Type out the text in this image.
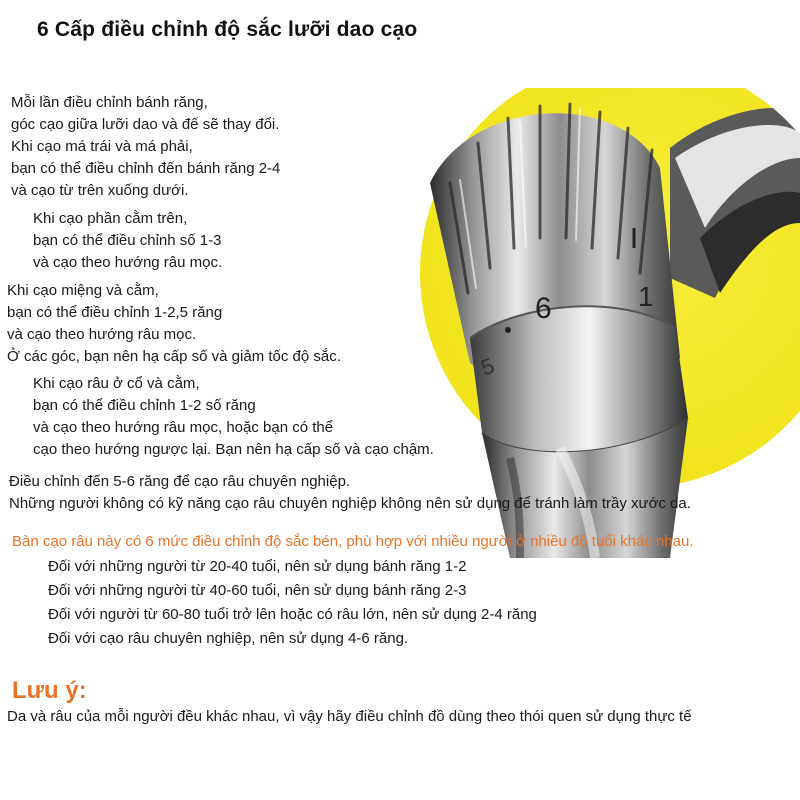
6	1
5
6 Cấp điều chỉnh độ sắc lưỡi dao cạo
Mỗi lần điều chỉnh bánh răng,
góc cạo giữa lưỡi dao và đế sẽ thay đổi.
Khi cạo má trái và má phải,
bạn có thể điều chỉnh đến bánh răng 2-4
và cạo từ trên xuống dưới.
Khi cạo phần cằm trên,
bạn có thể điều chỉnh số 1-3
và cạo theo hướng râu mọc.
Khi cạo miệng và cằm,
bạn có thể điều chỉnh 1-2,5 răng
và cạo theo hướng râu mọc.
Ở các góc, bạn nên hạ cấp số và giảm tốc độ sắc.
Khi cạo râu ở cổ và cằm,
bạn có thể điều chỉnh 1-2 số răng
và cạo theo hướng râu mọc, hoặc bạn có thể
cạo theo hướng ngược lại. Bạn nên hạ cấp số và cạo chậm.
Điều chỉnh đến 5-6 răng để cạo râu chuyên nghiệp.
Những người không có kỹ năng cạo râu chuyên nghiệp không nên sử dụng để tránh làm trầy xước da.
Bàn cạo râu này có 6 mức điều chỉnh độ sắc bén, phù hợp với nhiều người ở nhiều độ tuổi khác nhau.
Đối với những người từ 20-40 tuổi, nên sử dụng bánh răng 1-2
Đối với những người từ 40-60 tuổi, nên sử dụng bánh răng 2-3
Đối với người từ 60-80 tuổi trở lên hoặc có râu lớn, nên sử dụng 2-4 răng
Đối với cạo râu chuyên nghiệp, nên sử dụng 4-6 răng.
Lưu ý:
Da và râu của mỗi người đều khác nhau, vì vậy hãy điều chỉnh đồ dùng theo thói quen sử dụng thực tế
